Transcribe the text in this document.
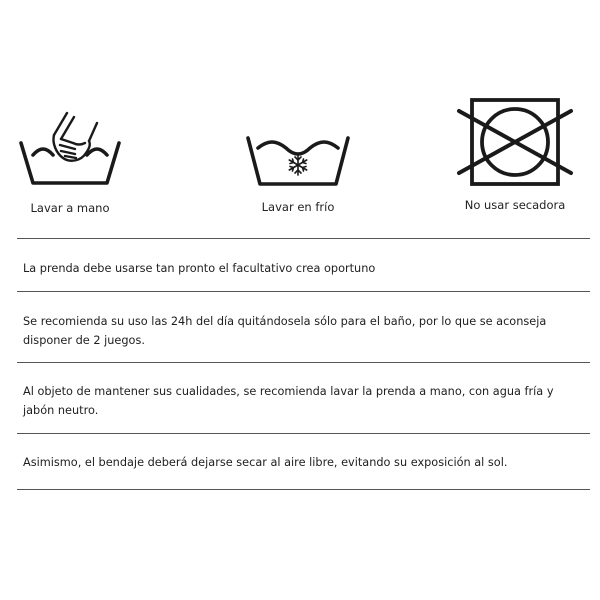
Lavar a mano	Lavar en frío	No usar secadora

La prenda debe usarse tan pronto el facultativo crea oportuno

Se recomienda su uso las 24h del día quitándosela sólo para el baño, por lo que se aconseja disponer de 2 juegos.

Al objeto de mantener sus cualidades, se recomienda lavar la prenda a mano, con agua fría y jabón neutro.

Asimismo, el bendaje deberá dejarse secar al aire libre, evitando su exposición al sol.
